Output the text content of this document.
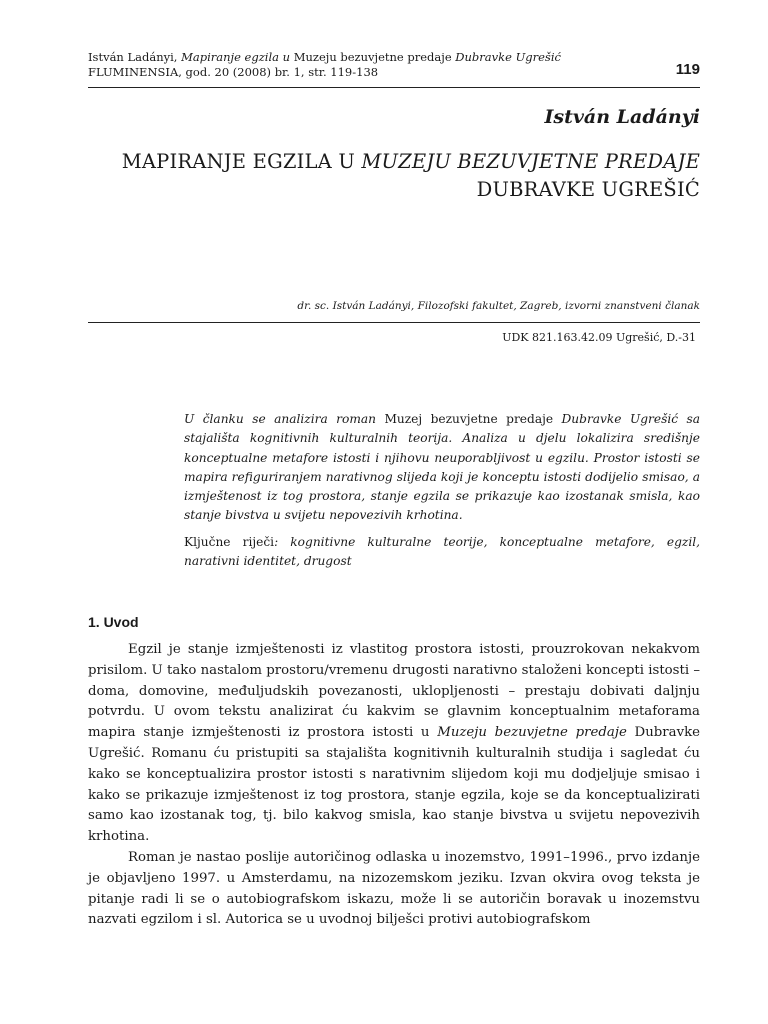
István Ladányi, Mapiranje egzila u Muzeju bezuvjetne predaje Dubravke Ugrešić
FLUMINENSIA, god. 20 (2008) br. 1, str. 119-138	119
István Ladányi
MAPIRANJE EGZILA U MUZEJU BEZUVJETNE PREDAJE
DUBRAVKE UGREŠIĆ
dr. sc. István Ladányi, Filozofski fakultet, Zagreb, izvorni znanstveni članak
UDK 821.163.42.09 Ugrešić, D.-31
U članku se analizira roman Muzej bezuvjetne predaje Dubravke Ugrešić sa stajališta kognitivnih kulturalnih teorija. Analiza u djelu lokalizira središnje konceptualne metafore istosti i njihovu neuporabljivost u egzilu. Prostor istosti se mapira refiguriranjem narativnog slijeda koji je konceptu istosti dodijelio smisao, a izmještenost iz tog prostora, stanje egzila se prikazuje kao izostanak smisla, kao stanje bivstva u svijetu nepovezivih krhotina.
Ključne riječi: kognitivne kulturalne teorije, konceptualne metafore, egzil, narativni identitet, drugost
1. Uvod

Egzil je stanje izmještenosti iz vlastitog prostora istosti, prouzrokovan nekakvom prisilom. U tako nastalom prostoru/vremenu drugosti narativno staloženi koncepti istosti – doma, domovine, međuljudskih povezanosti, uklopljenosti – prestaju dobivati daljnju potvrdu. U ovom tekstu analizirat ću kakvim se glavnim konceptualnim metaforama mapira stanje izmještenosti iz prostora istosti u Muzeju bezuvjetne predaje Dubravke Ugrešić. Romanu ću pristupiti sa stajališta kognitivnih kulturalnih studija i sagledat ću kako se konceptualizira prostor istosti s narativnim slijedom koji mu dodjeljuje smisao i kako se prikazuje izmještenost iz tog prostora, stanje egzila, koje se da konceptualizirati samo kao izostanak tog, tj. bilo kakvog smisla, kao stanje bivstva u svijetu nepovezivih krhotina.

Roman je nastao poslije autoričinog odlaska u inozemstvo, 1991–1996., prvo izdanje je objavljeno 1997. u Amsterdamu, na nizozemskom jeziku. Izvan okvira ovog teksta je pitanje radi li se o autobiografskom iskazu, može li se autoričin boravak u inozemstvu nazvati egzilom i sl. Autorica se u uvodnoj bilješci protivi autobiografskom
